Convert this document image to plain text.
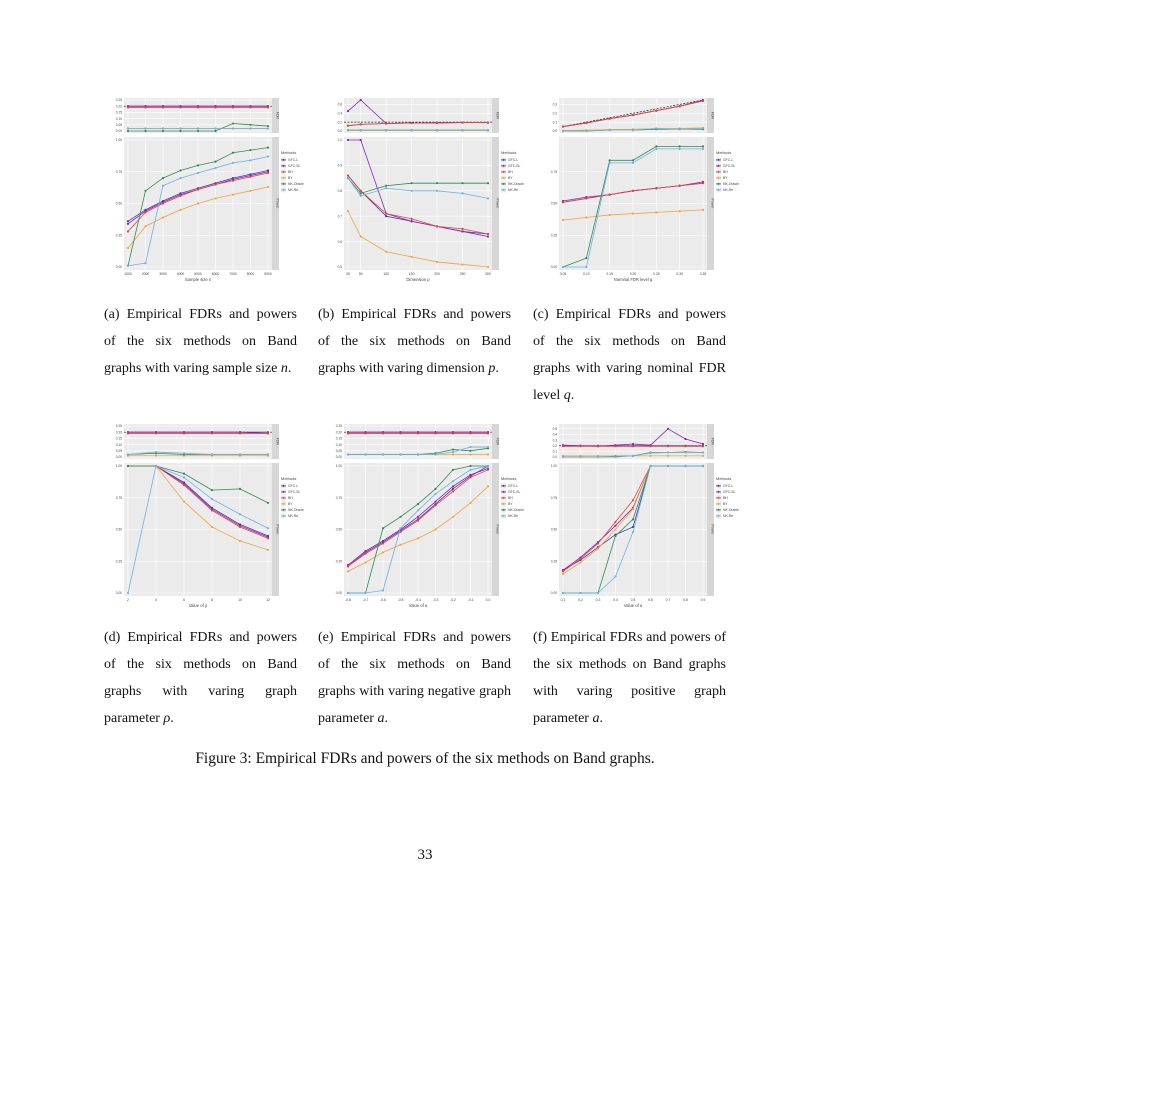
FDR
Power
1000	2000	3000	4000	5000	6000	7000	8000	9000
Sample size n
0.00
0.05
0.10
0.15
0.20
0.25
0.00
0.25
0.50
0.75
1.00
Methods
GFC-L
GFC-SL
BH
BY
NK-Oracle
NK-Re
FDR
Power
25	50	100	150	200	250	300
Dimension p
0.0
0.2
0.4
0.6
0.5
0.6
0.7
0.8
0.9
1.0
Methods
GFC-L
GFC-SL
BH
BY
NK-Oracle
NK-Re
FDR
Power
0.05	0.10	0.15	0.20	0.25	0.30	0.35
Nominal FDR level q
0.0
0.1
0.2
0.3
0.00
0.25
0.50
0.75
Methods
GFC-L
GFC-SL
BH
BY
NK-Oracle
NK-Re
FDR
Power
2	4	6	8	10	12
Value of ρ
0.00
0.05
0.10
0.15
0.20
0.25
0.00
0.25
0.50
0.75
1.00
Methods
GFC-L
GFC-SL
BH
BY
NK-Oracle
NK-Re
FDR
Power
-0.8	-0.7	-0.6	-0.5	-0.4	-0.3	-0.2	-0.1	0.0
Value of a
0.00
0.05
0.10
0.15
0.20
0.25
0.00
0.25
0.50
0.75
1.00
Methods
GFC-L
GFC-SL
BH
BY
NK-Oracle
NK-Re
FDR
Power
0.1	0.2	0.3	0.4	0.5	0.6	0.7	0.8	0.9
Value of a
0.0
0.1
0.2
0.3
0.4
0.5
0.00
0.25
0.50
0.75
1.00
Methods
GFC-L
GFC-SL
BH
BY
NK-Oracle
NK-Re
(a) Empirical FDRs and powers of the six methods on Band graphs with varing sample size n.
(b) Empirical FDRs and powers of the six methods on Band graphs with varing dimension p.
(c) Empirical FDRs and powers of the six methods on Band graphs with varing nominal FDR level q.
(d) Empirical FDRs and powers of the six methods on Band graphs with varing graph parameter ρ.
(e) Empirical FDRs and powers of the six methods on Band graphs with varing negative graph parameter a.
(f) Empirical FDRs and powers of the six methods on Band graphs with varing positive graph parameter a.
Figure 3: Empirical FDRs and powers of the six methods on Band graphs.
33
